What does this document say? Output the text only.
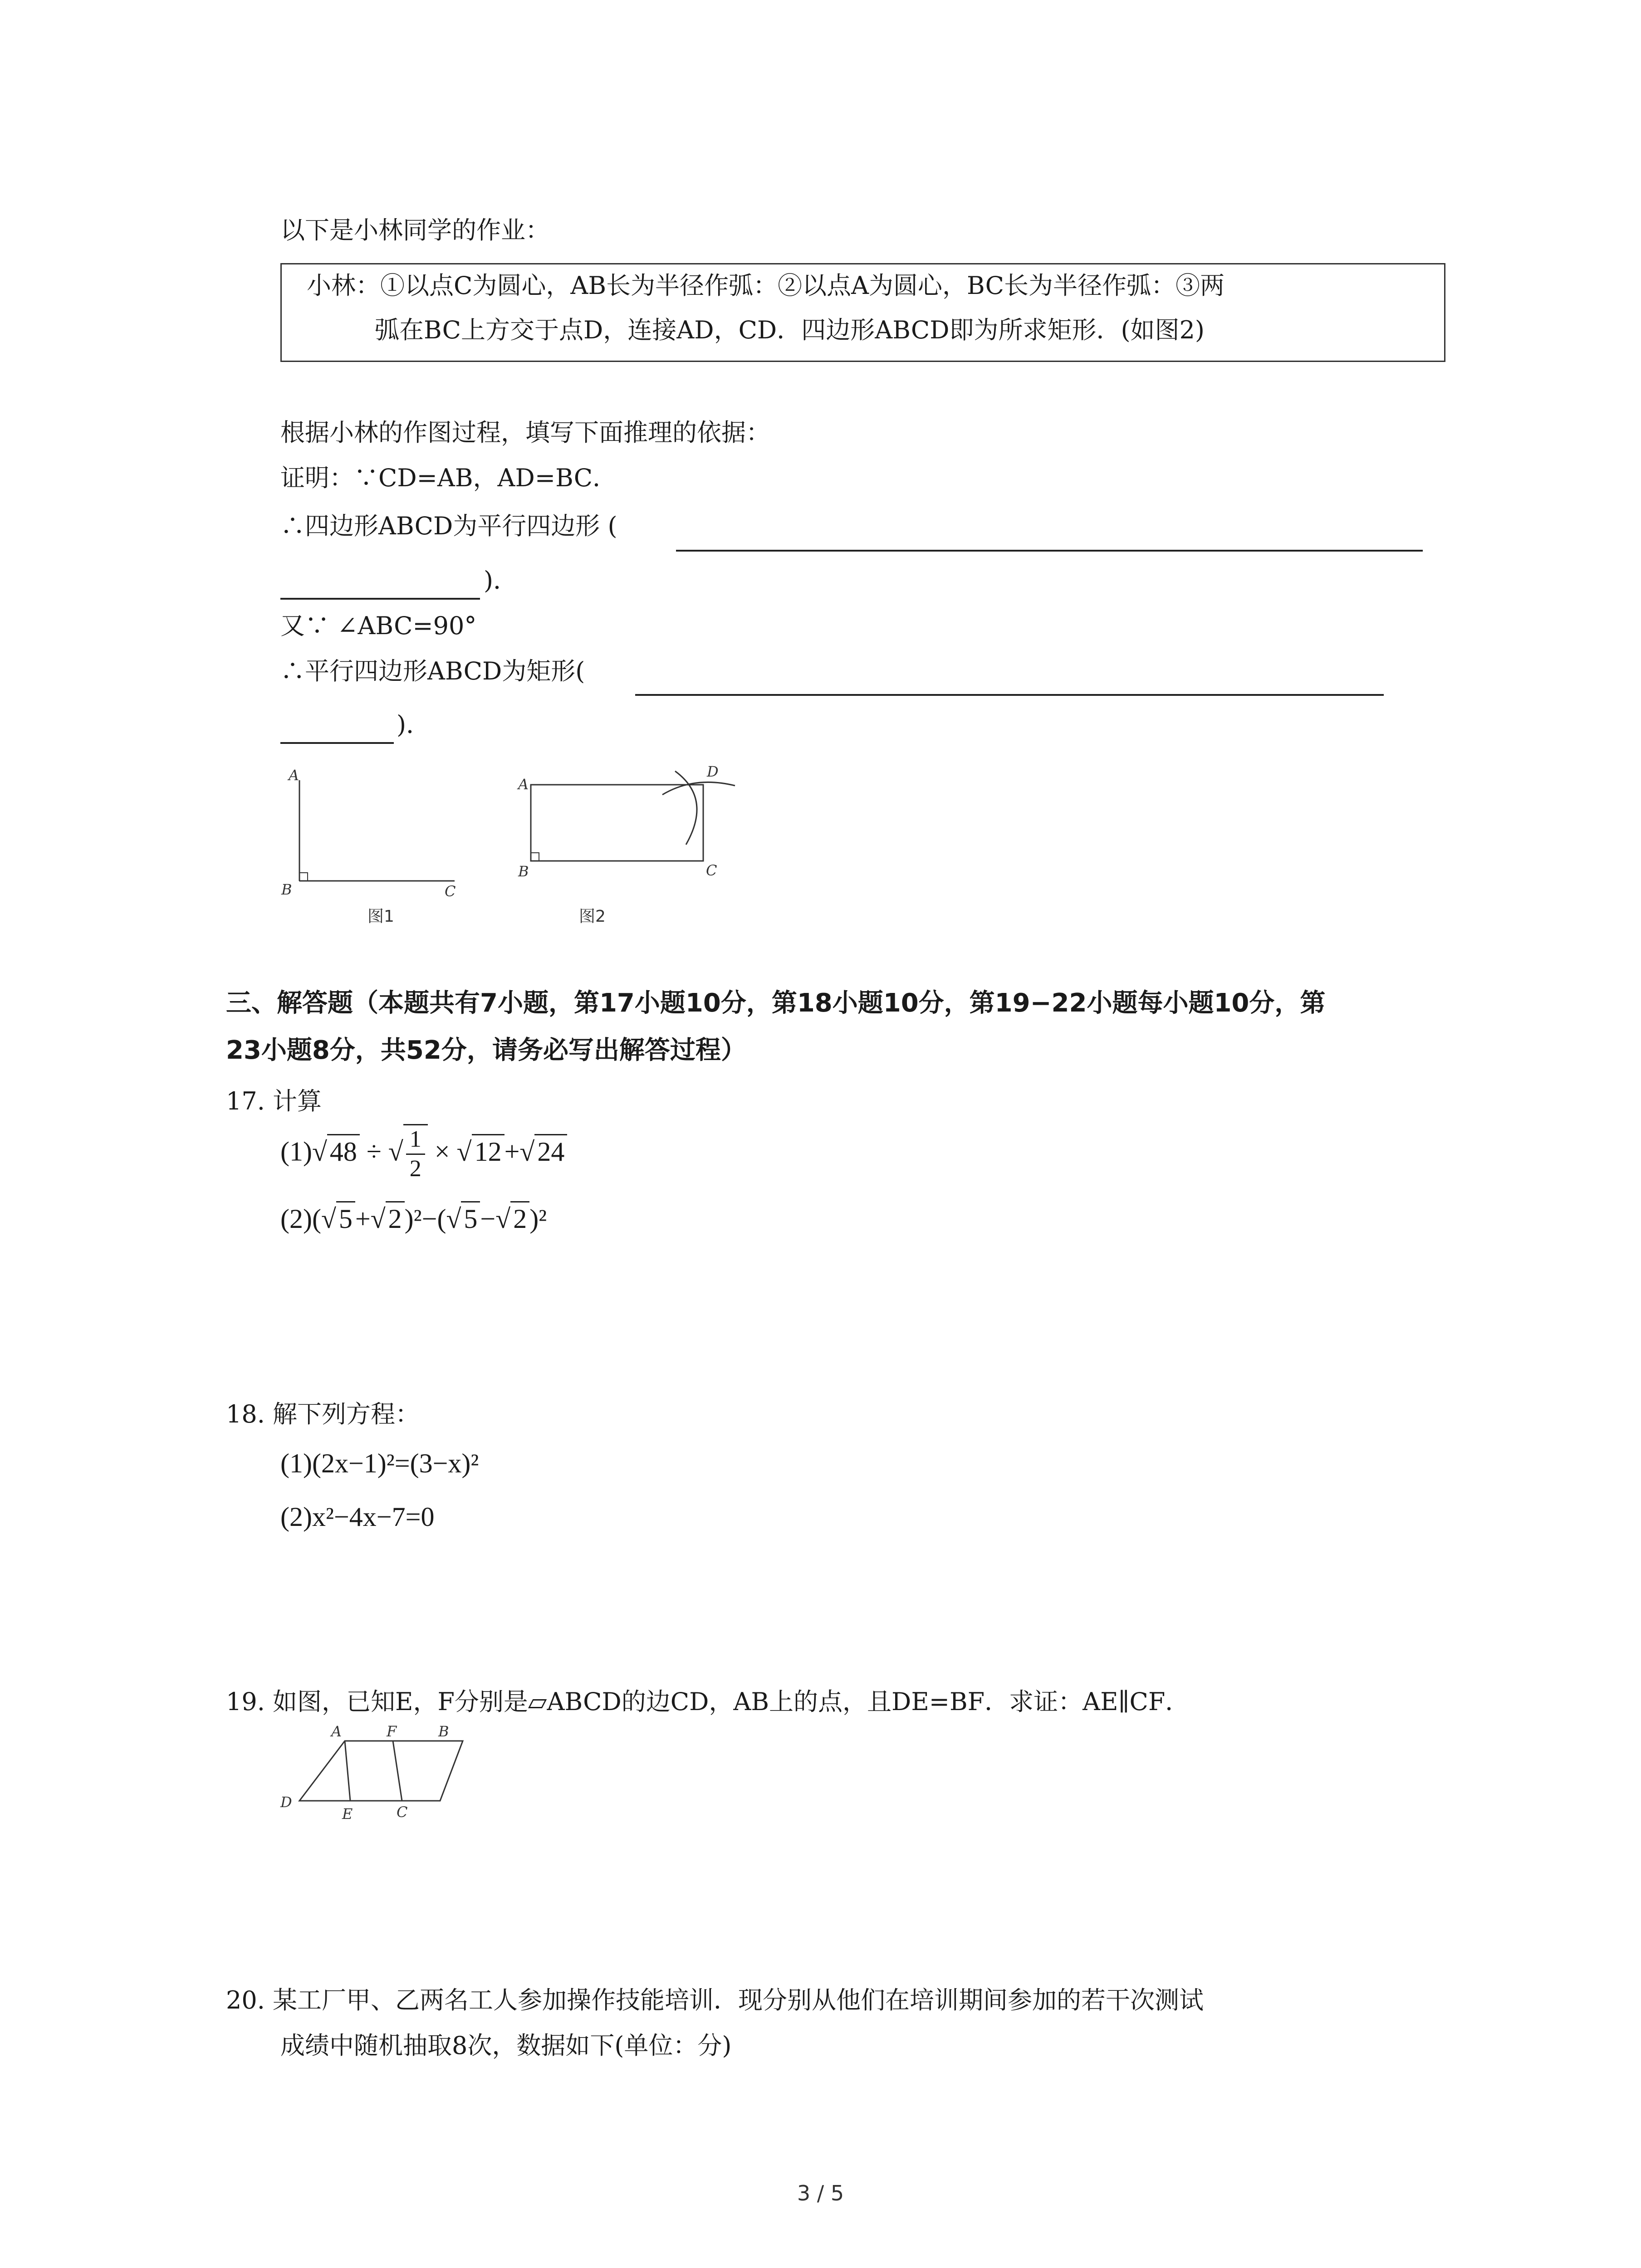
以下是小林同学的作业：
小林：①以点C为圆心，AB长为半径作弧：②以点A为圆心，BC长为半径作弧：③两
弧在BC上方交于点D，连接AD，CD．四边形ABCD即为所求矩形．(如图2)
根据小林的作图过程，填写下面推理的依据：
证明：∵CD=AB，AD=BC．
∴四边形ABCD为平行四边形 (
)．
又∵ ∠ABC=90°
∴平行四边形ABCD为矩形(
)．
A
B	C
图1
A
B	C
D
图2
三、解答题（本题共有7小题，第17小题10分，第18小题10分，第19−22小题每小题10分，第
23小题8分，共52分，请务必写出解答过程）
17. 计算
(1)√ 48 ÷ √ $\frac{1}{2}$ × √ 12 +√ 24
(2)(√ 5 +√ 2 )²−(√ 5 −√ 2 )²
18. 解下列方程：
(1)(2x−1)²=(3−x)²
(2)x²−4x−7=0
19. 如图，已知E，F分别是▱ABCD的边CD，AB上的点，且DE=BF．求证：AE∥CF．
A	F	B
D
E	C
20. 某工厂甲、乙两名工人参加操作技能培训．现分别从他们在培训期间参加的若干次测试
成绩中随机抽取8次，数据如下(单位：分)
3 / 5
